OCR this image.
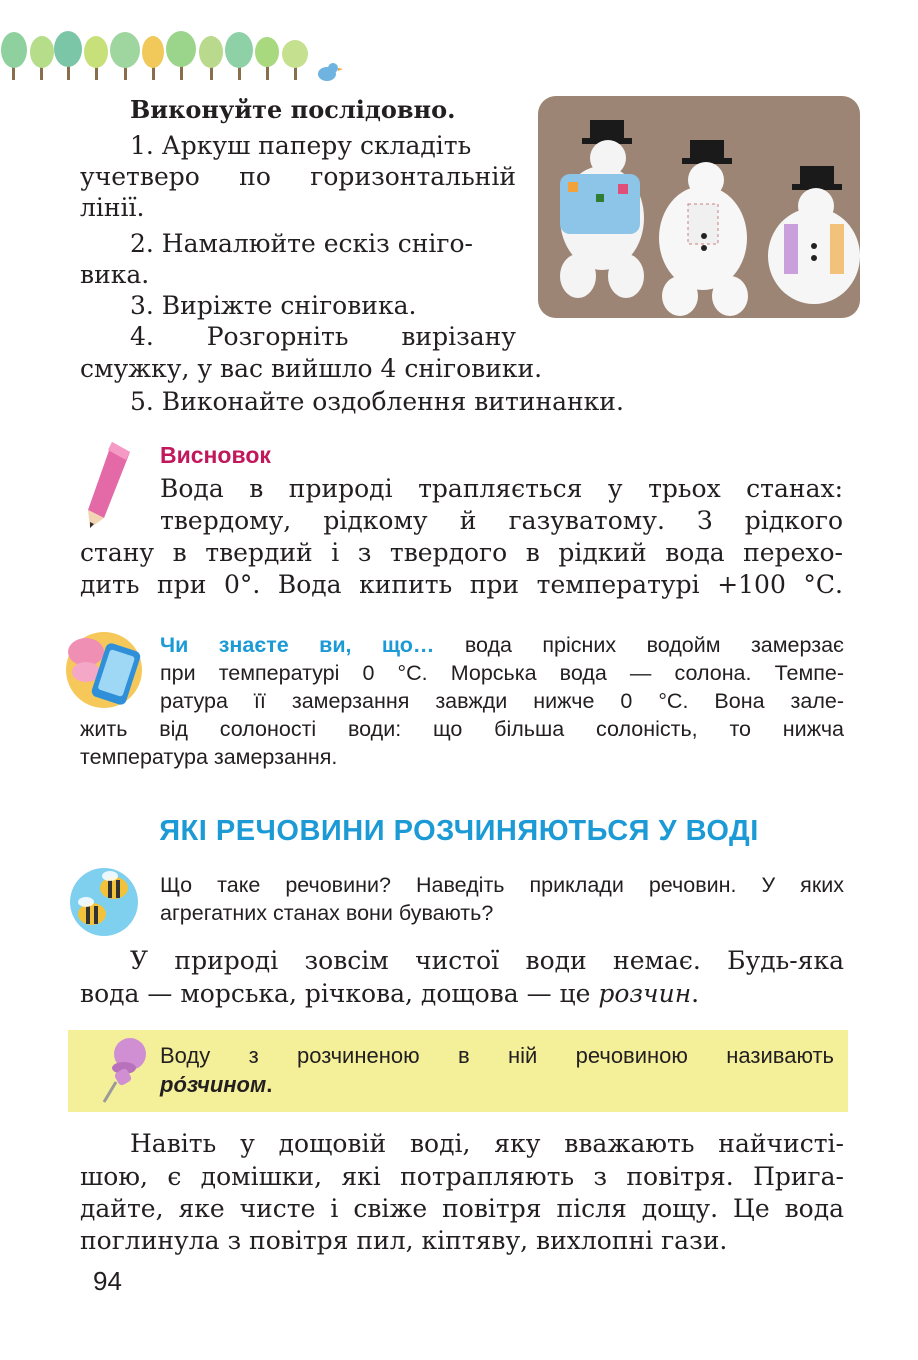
Виконуйте послідовно.
1. Аркуш паперу складіть
учетверо по горизонтальній
лінії.
2. Намалюйте ескіз сніго-
вика.
3. Виріжте сніговика.
4. Розгорніть вирізану
смужку, у вас вийшло 4 сніговики.
5. Виконайте оздоблення витинанки.
Висновок
Вода в природі трапляється у трьох станах:
твердому, рідкому й газуватому. З рідкого
стану в твердий і з твердого в рідкий вода перехо-
дить при 0°. Вода кипить при температурі +100 °С.
Чи знаєте ви, що… вода прісних водойм замерзає
при температурі 0 °С. Морська вода — солона. Темпе-
ратура її замерзання завжди нижче 0 °С. Вона зале-
жить від солоності води: що більша солоність, то нижча
температура замерзання.
ЯКІ РЕЧОВИНИ РОЗЧИНЯЮТЬСЯ У ВОДІ
Що таке речовини? Наведіть приклади речовин. У яких
агрегатних станах вони бувають?
У природі зовсім чистої води немає. Будь-яка
вода — морська, річкова, дощова — це розчин.
Воду з розчиненою в ній речовиною називають
ро́зчином.
Навіть у дощовій воді, яку вважають найчисті-
шою, є домішки, які потрапляють з повітря. Пригa-
дайте, яке чисте і свіже повітря після дощу. Це вода
поглинула з повітря пил, кіптяву, вихлопні гази.
94
